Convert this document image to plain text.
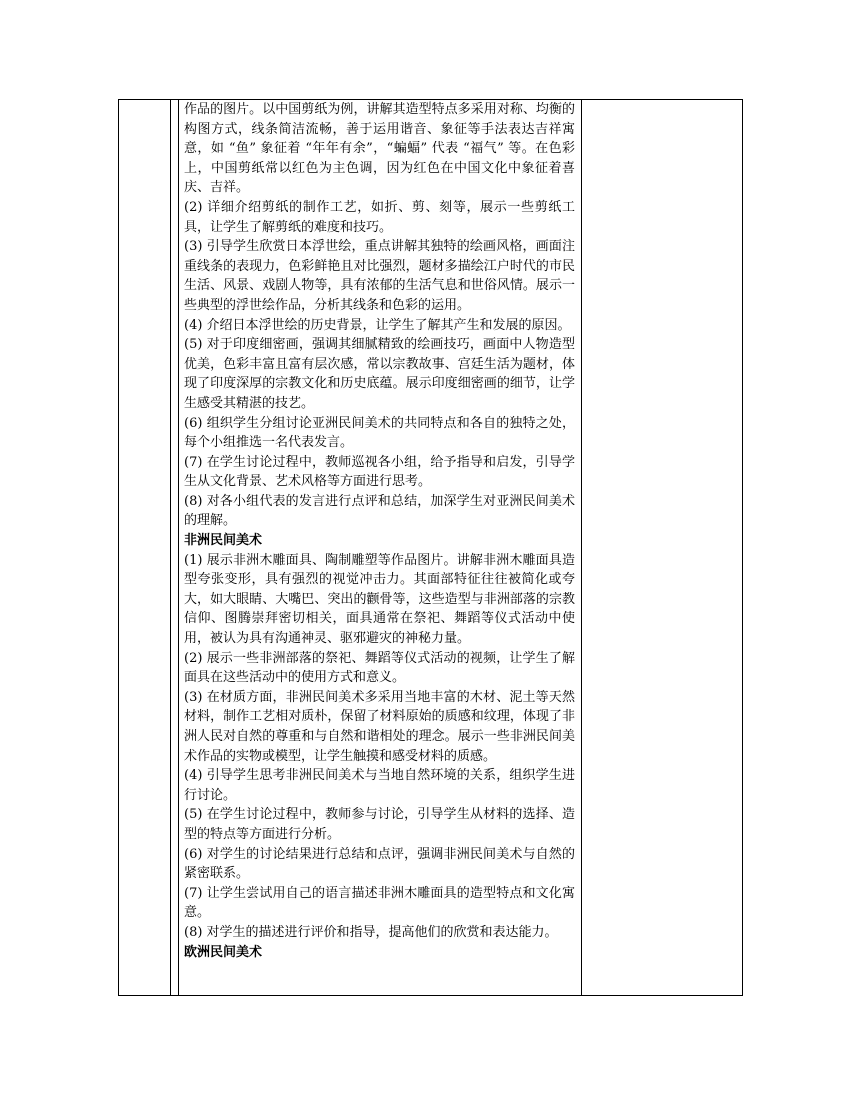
作品的图片。以中国剪纸为例，讲解其造型特点多采用对称、均衡的构图方式，线条简洁流畅，善于运用谐音、象征等手法表达吉祥寓意，如 “鱼” 象征着 “年年有余”，“蝙蝠” 代表 “福气” 等。在色彩上，中国剪纸常以红色为主色调，因为红色在中国文化中象征着喜庆、吉祥。

(2) 详细介绍剪纸的制作工艺，如折、剪、刻等，展示一些剪纸工具，让学生了解剪纸的难度和技巧。

(3) 引导学生欣赏日本浮世绘，重点讲解其独特的绘画风格，画面注重线条的表现力，色彩鲜艳且对比强烈，题材多描绘江户时代的市民生活、风景、戏剧人物等，具有浓郁的生活气息和世俗风情。展示一些典型的浮世绘作品，分析其线条和色彩的运用。

(4) 介绍日本浮世绘的历史背景，让学生了解其产生和发展的原因。

(5) 对于印度细密画，强调其细腻精致的绘画技巧，画面中人物造型优美，色彩丰富且富有层次感，常以宗教故事、宫廷生活为题材，体现了印度深厚的宗教文化和历史底蕴。展示印度细密画的细节，让学生感受其精湛的技艺。

(6) 组织学生分组讨论亚洲民间美术的共同特点和各自的独特之处，每个小组推选一名代表发言。

(7) 在学生讨论过程中，教师巡视各小组，给予指导和启发，引导学生从文化背景、艺术风格等方面进行思考。

(8) 对各小组代表的发言进行点评和总结，加深学生对亚洲民间美术的理解。

非洲民间美术

(1) 展示非洲木雕面具、陶制雕塑等作品图片。讲解非洲木雕面具造型夸张变形，具有强烈的视觉冲击力。其面部特征往往被简化或夸大，如大眼睛、大嘴巴、突出的颧骨等，这些造型与非洲部落的宗教信仰、图腾崇拜密切相关，面具通常在祭祀、舞蹈等仪式活动中使用，被认为具有沟通神灵、驱邪避灾的神秘力量。

(2) 展示一些非洲部落的祭祀、舞蹈等仪式活动的视频，让学生了解面具在这些活动中的使用方式和意义。

(3) 在材质方面，非洲民间美术多采用当地丰富的木材、泥土等天然材料，制作工艺相对质朴，保留了材料原始的质感和纹理，体现了非洲人民对自然的尊重和与自然和谐相处的理念。展示一些非洲民间美术作品的实物或模型，让学生触摸和感受材料的质感。

(4) 引导学生思考非洲民间美术与当地自然环境的关系，组织学生进行讨论。

(5) 在学生讨论过程中，教师参与讨论，引导学生从材料的选择、造型的特点等方面进行分析。

(6) 对学生的讨论结果进行总结和点评，强调非洲民间美术与自然的紧密联系。

(7) 让学生尝试用自己的语言描述非洲木雕面具的造型特点和文化寓意。

(8) 对学生的描述进行评价和指导，提高他们的欣赏和表达能力。

欧洲民间美术
